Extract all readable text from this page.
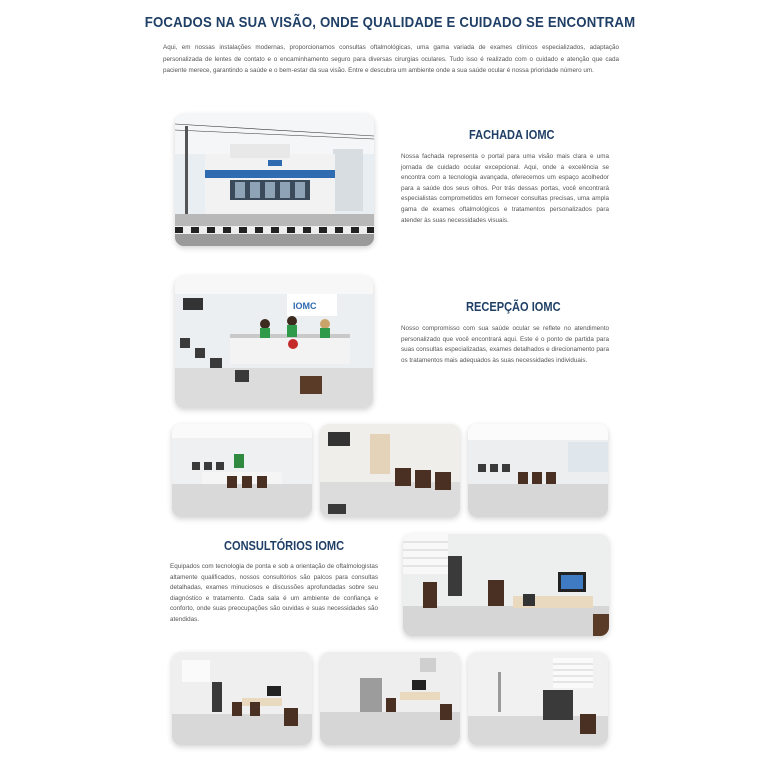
FOCADOS NA SUA VISÃO, ONDE QUALIDADE E CUIDADO SE ENCONTRAM
Aqui, em nossas instalações modernas, proporcionamos consultas oftalmológicas, uma gama variada de exames clínicos especializados, adaptação personalizada de lentes de contato e o encaminhamento seguro para diversas cirurgias oculares. Tudo isso é realizado com o cuidado e atenção que cada paciente merece, garantindo a saúde e o bem-estar da sua visão. Entre e descubra um ambiente onde a sua saúde ocular é nossa prioridade número um.
FACHADA IOMC
Nossa fachada representa o portal para uma visão mais clara e uma jornada de cuidado ocular excepcional. Aqui, onde a excelência se encontra com a tecnologia avançada, oferecemos um espaço acolhedor para a saúde dos seus olhos. Por trás dessas portas, você encontrará especialistas comprometidos em fornecer consultas precisas, uma ampla gama de exames oftalmológicos e tratamentos personalizados para atender às suas necessidades visuais.
IOMC	RECEPÇÃO IOMC
Nosso compromisso com sua saúde ocular se reflete no atendimento personalizado que você encontrará aqui. Este é o ponto de partida para suas consultas especializadas, exames detalhados e direcionamento para os tratamentos mais adequados às suas necessidades individuais.
CONSULTÓRIOS IOMC
Equipados com tecnologia de ponta e sob a orientação de oftalmologistas altamente qualificados, nossos consultórios são palcos para consultas detalhadas, exames minuciosos e discussões aprofundadas sobre seu diagnóstico e tratamento. Cada sala é um ambiente de confiança e conforto, onde suas preocupações são ouvidas e suas necessidades são atendidas.
